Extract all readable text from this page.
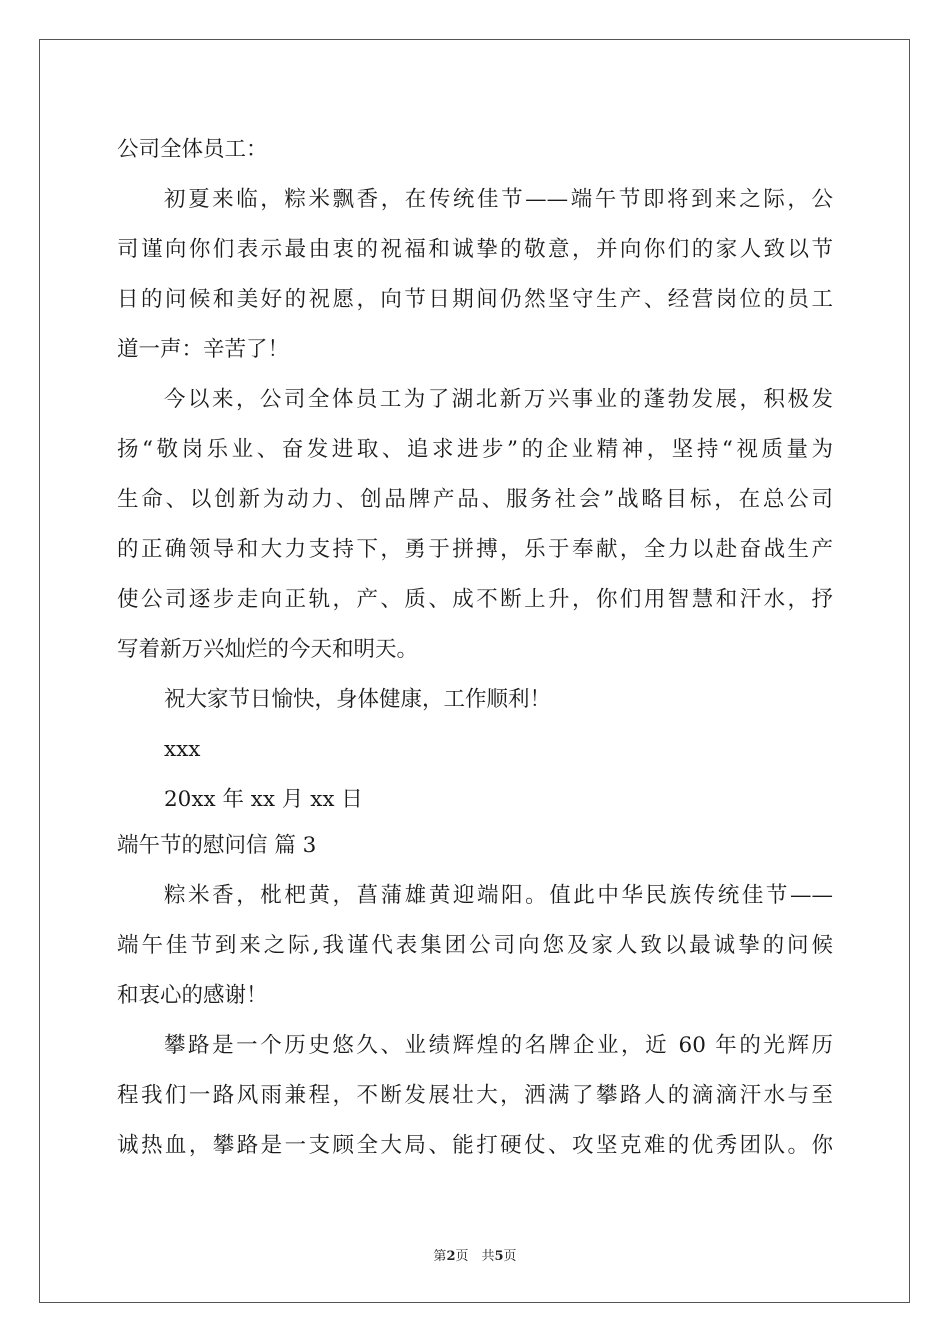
公司全体员工：
初夏来临，粽米飘香，在传统佳节——端午节即将到来之际，公
司谨向你们表示最由衷的祝福和诚挚的敬意，并向你们的家人致以节
日的问候和美好的祝愿，向节日期间仍然坚守生产、经营岗位的员工
道一声：辛苦了！
今以来，公司全体员工为了湖北新万兴事业的蓬勃发展，积极发
扬“敬岗乐业、奋发进取、追求进步”的企业精神，坚持“视质量为
生命、以创新为动力、创品牌产品、服务社会”战略目标，在总公司
的正确领导和大力支持下，勇于拼搏，乐于奉献，全力以赴奋战生产
使公司逐步走向正轨，产、质、成不断上升，你们用智慧和汗水，抒
写着新万兴灿烂的今天和明天。
祝大家节日愉快，身体健康，工作顺利！
xxx
20xx 年 xx 月 xx 日
端午节的慰问信 篇 3
粽米香，枇杷黄，菖蒲雄黄迎端阳。值此中华民族传统佳节——
端午佳节到来之际,我谨代表集团公司向您及家人致以最诚挚的问候
和衷心的感谢！
攀路是一个历史悠久、业绩辉煌的名牌企业，近 60 年的光辉历
程我们一路风雨兼程，不断发展壮大，洒满了攀路人的滴滴汗水与至
诚热血，攀路是一支顾全大局、能打硬仗、攻坚克难的优秀团队。你
第2页　共5页
